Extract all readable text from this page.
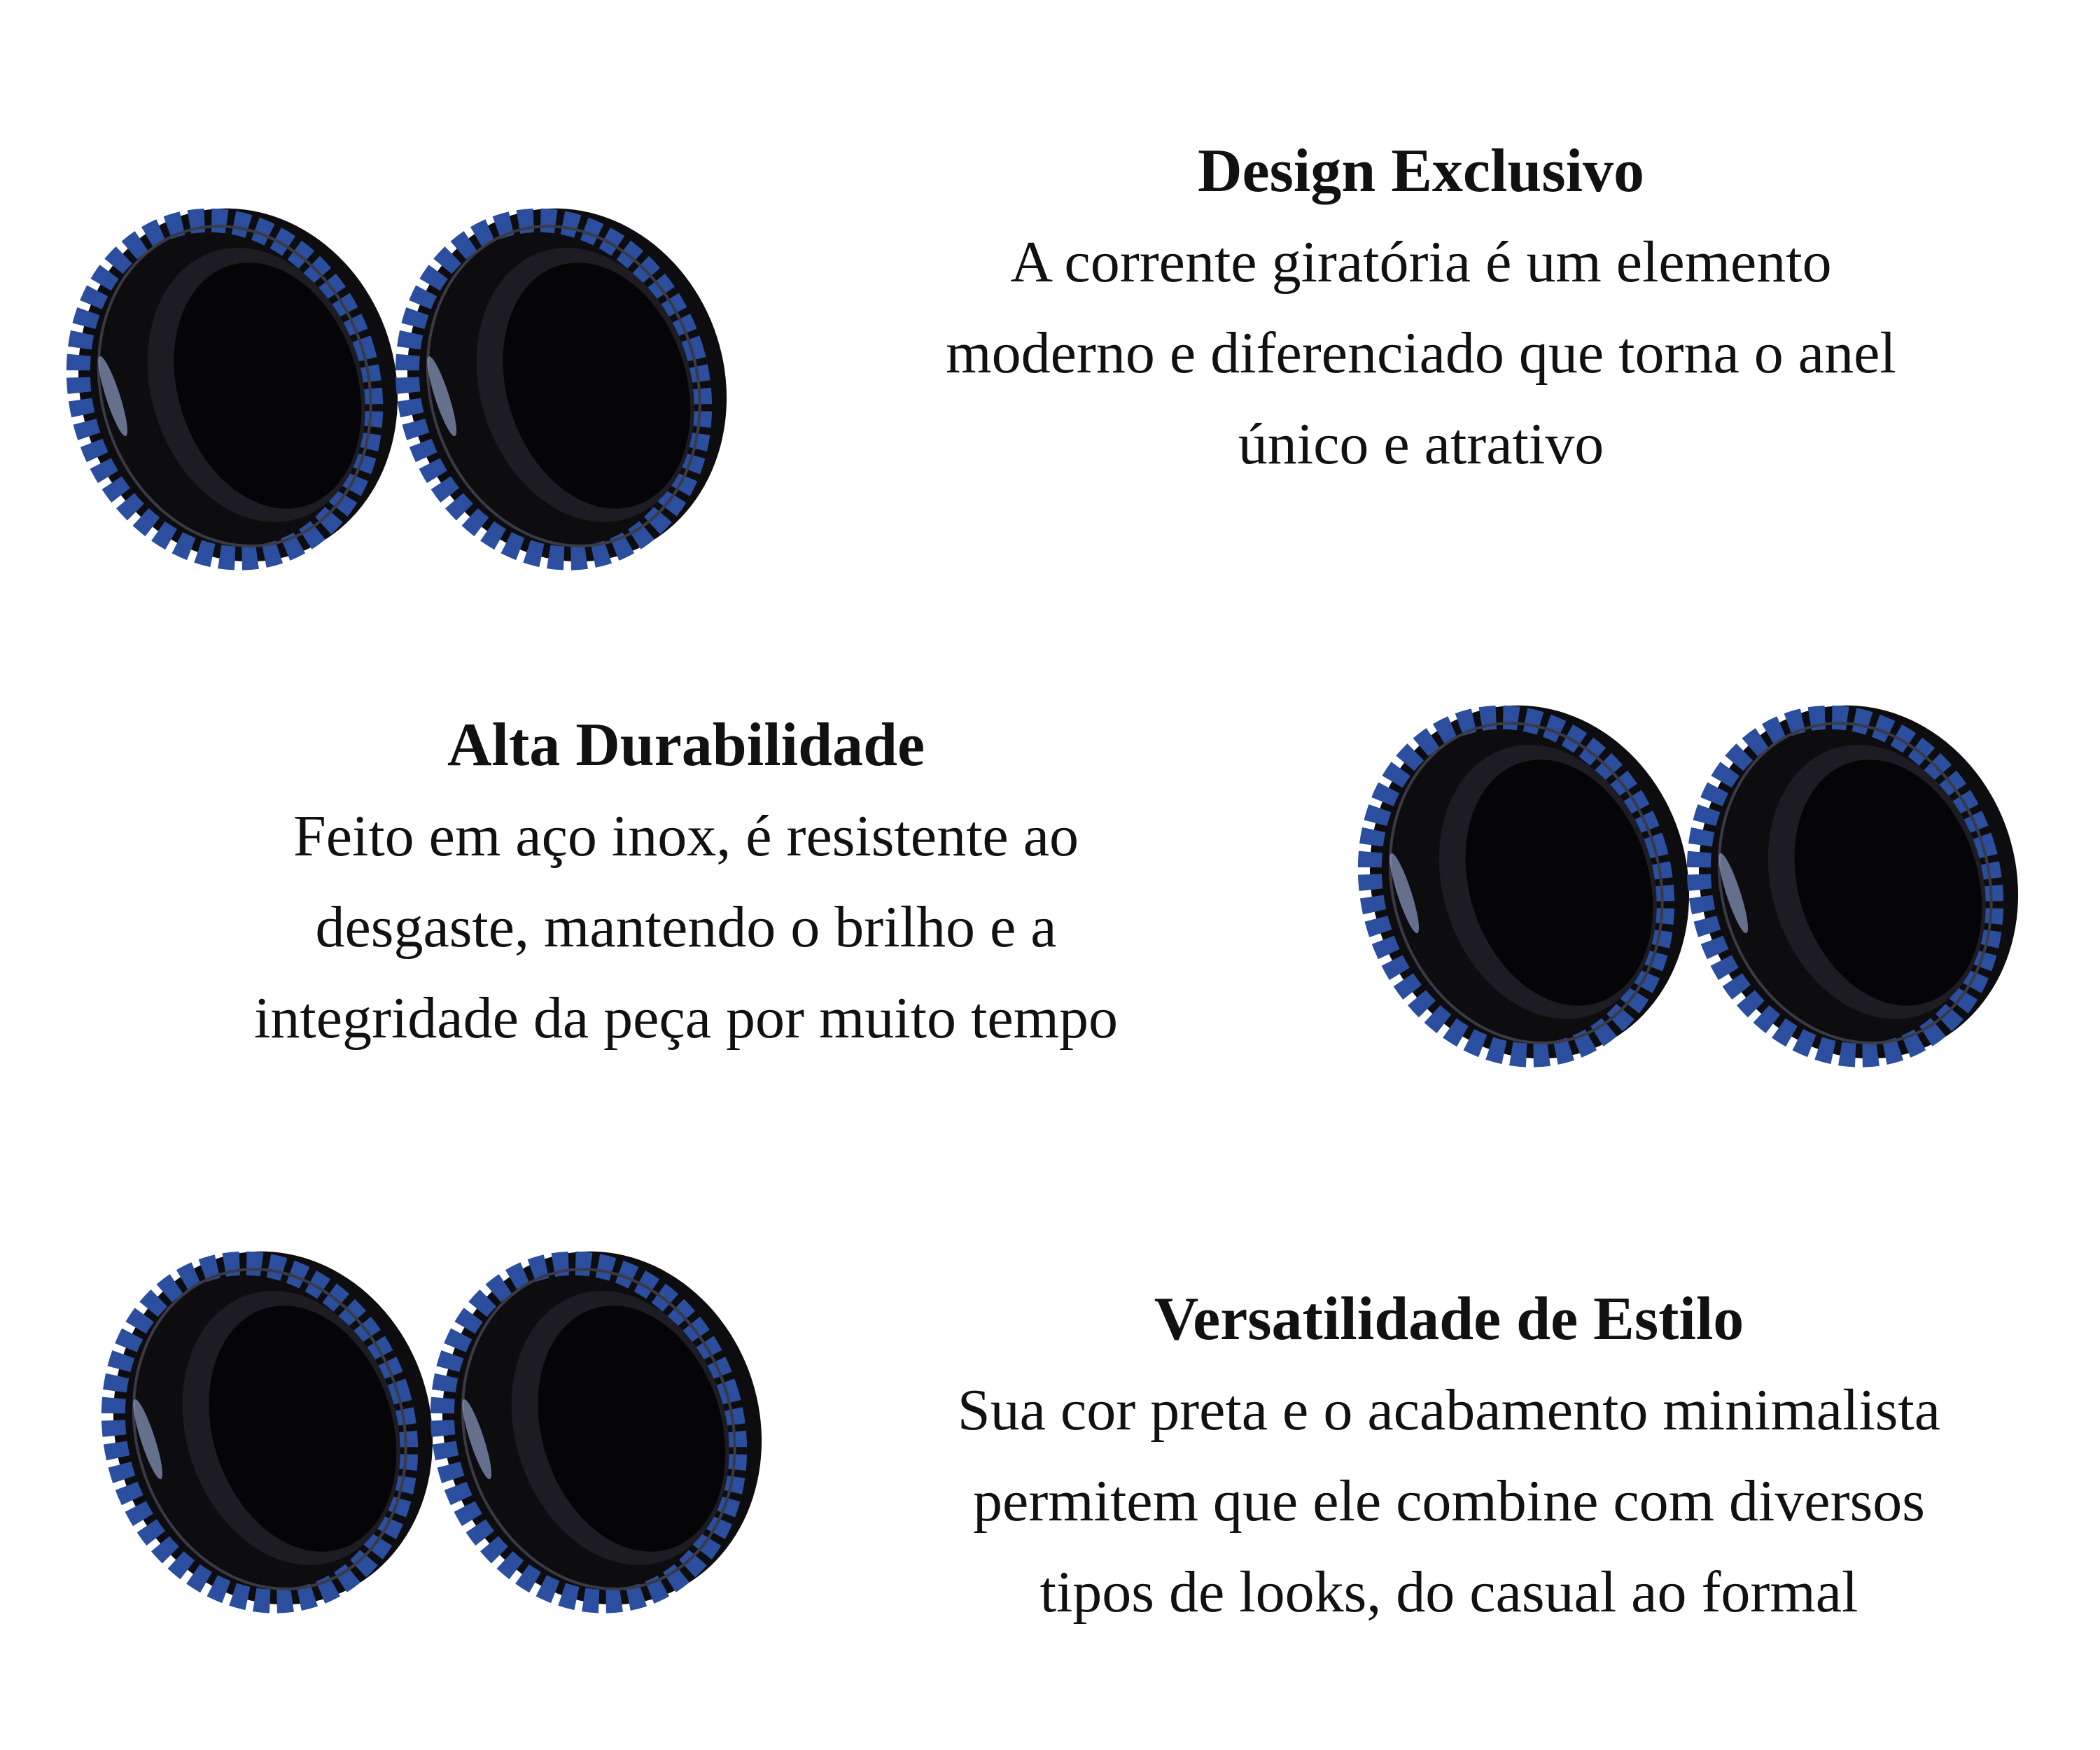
Design Exclusivo

A corrente giratória é um elemento

moderno e diferenciado que torna o anel

único e atrativo

Alta Durabilidade

Feito em aço inox, é resistente ao

desgaste, mantendo o brilho e a

integridade da peça por muito tempo

Versatilidade de Estilo

Sua cor preta e o acabamento minimalista

permitem que ele combine com diversos

tipos de looks, do casual ao formal
